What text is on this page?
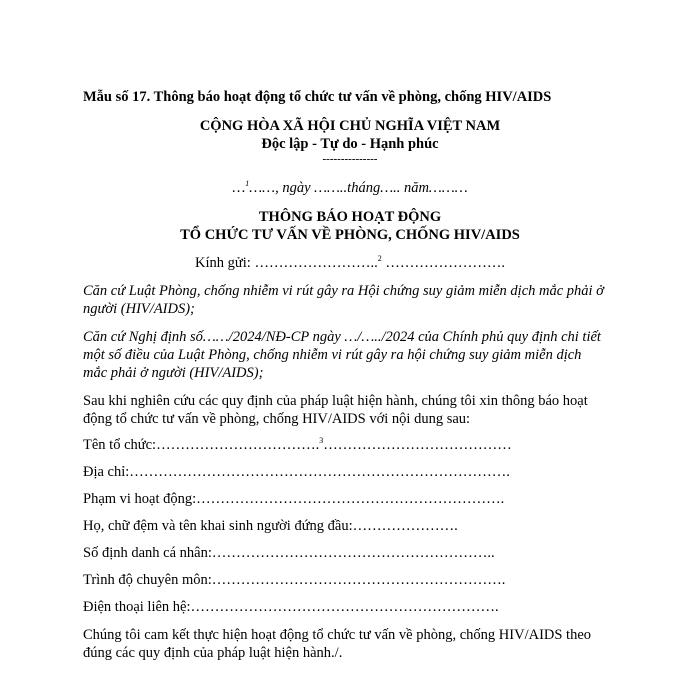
Mẫu số 17. Thông báo hoạt động tổ chức tư vấn về phòng, chống HIV/AIDS
CỘNG HÒA XÃ HỘI CHỦ NGHĨA VIỆT NAM
Độc lập - Tự do - Hạnh phúc
---------------
…$^1$……, ngày ……..tháng….. năm………
THÔNG BÁO HOẠT ĐỘNG
TỔ CHỨC TƯ VẤN VỀ PHÒNG, CHỐNG HIV/AIDS
Kính gửi: ……………………..$^2$ …………………….
Căn cứ Luật Phòng, chống nhiễm vi rút gây ra Hội chứng suy giảm miễn dịch mắc phải ở
người (HIV/AIDS);
Căn cứ Nghị định số……/2024/NĐ-CP ngày …/…../2024 của Chính phủ quy định chi tiết
một số điều của Luật Phòng, chống nhiễm vi rút gây ra hội chứng suy giảm miễn dịch
mắc phải ở người (HIV/AIDS);
Sau khi nghiên cứu các quy định của pháp luật hiện hành, chúng tôi xin thông báo hoạt
động tổ chức tư vấn về phòng, chống HIV/AIDS với nội dung sau:
Tên tổ chức:…………………………….$^3$…………………………………
Địa chỉ:…………………………………………………………………….
Phạm vi hoạt động:……………………………………………………….
Họ, chữ đệm và tên khai sinh người đứng đầu:………………….
Số định danh cá nhân:…………………………………………………..
Trình độ chuyên môn:…………………………………………………….
Điện thoại liên hệ:……………………………………………………….
Chúng tôi cam kết thực hiện hoạt động tổ chức tư vấn về phòng, chống HIV/AIDS theo
đúng các quy định của pháp luật hiện hành./.
